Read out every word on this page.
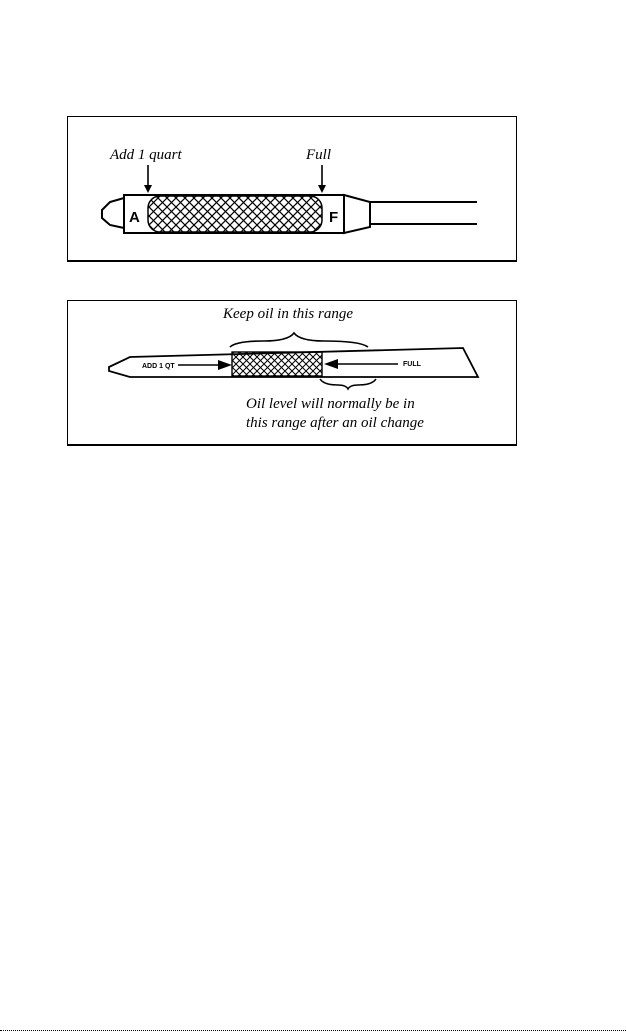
Add 1 quart	Full
A	F
Keep oil in this range
ADD 1 QT	FULL
Oil level will normally be in
this range after an oil change
